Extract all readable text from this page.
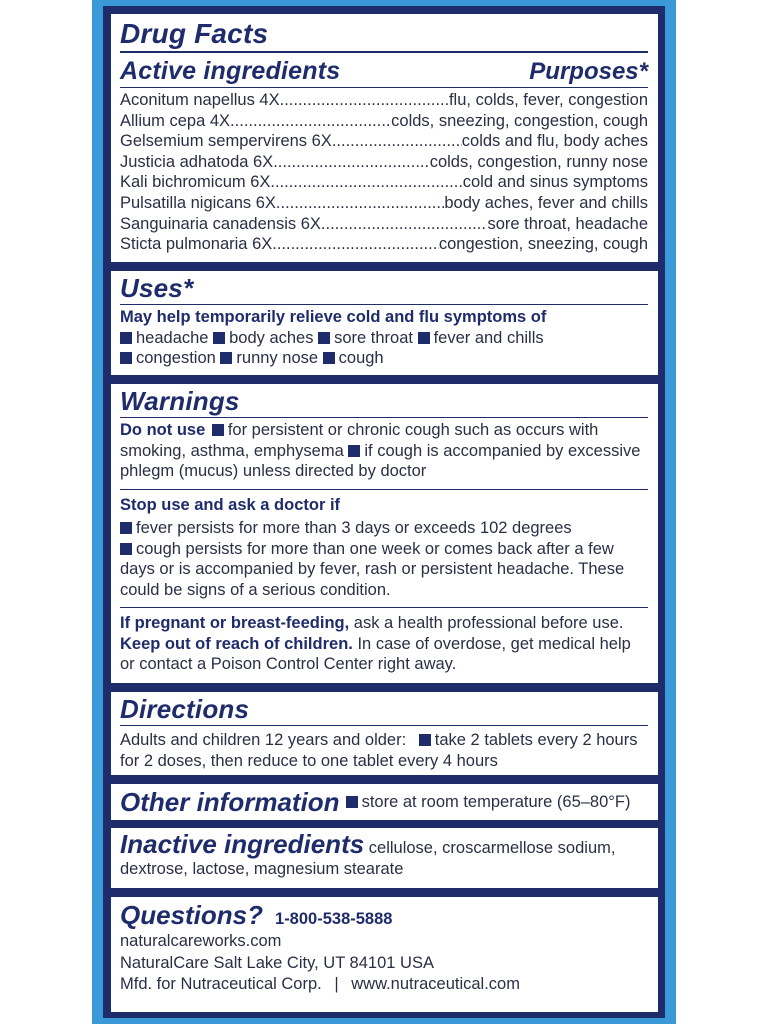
Drug Facts
Active ingredients	Purposes*
Aconitum napellus 4X .....	flu, colds, fever, congestion
Allium cepa 4X .....	colds, sneezing, congestion, cough
Gelsemium sempervirens 6X .....	colds and flu, body aches
Justicia adhatoda 6X .....	colds, congestion, runny nose
Kali bichromicum 6X .....	cold and sinus symptoms
Pulsatilla nigicans 6X .....	body aches, fever and chills
Sanguinaria canadensis 6X .....	sore throat, headache
Sticta pulmonaria 6X .....	congestion, sneezing, cough
Uses*
May help temporarily relieve cold and flu symptoms of
headache body aches sore throat fever and chills
congestion runny nose cough
Warnings
Do not use for persistent or chronic cough such as occurs with smoking, asthma, emphysema if cough is accompanied by excessive phlegm (mucus) unless directed by doctor
Stop use and ask a doctor if
fever persists for more than 3 days or exceeds 102 degrees
cough persists for more than one week or comes back after a few days or is accompanied by fever, rash or persistent headache. These could be signs of a serious condition.
If pregnant or breast-feeding, ask a health professional before use. Keep out of reach of children. In case of overdose, get medical help or contact a Poison Control Center right away.
Directions
Adults and children 12 years and older: take 2 tablets every 2 hours for 2 doses, then reduce to one tablet every 4 hours
Other information	store at room temperature (65–80°F)
Inactive ingredients cellulose, croscarmellose sodium, dextrose, lactose, magnesium stearate
Questions? 1-800-538-5888
naturalcareworks.com
NaturalCare Salt Lake City, UT 84101 USA
Mfd. for Nutraceutical Corp. | www.nutraceutical.com
